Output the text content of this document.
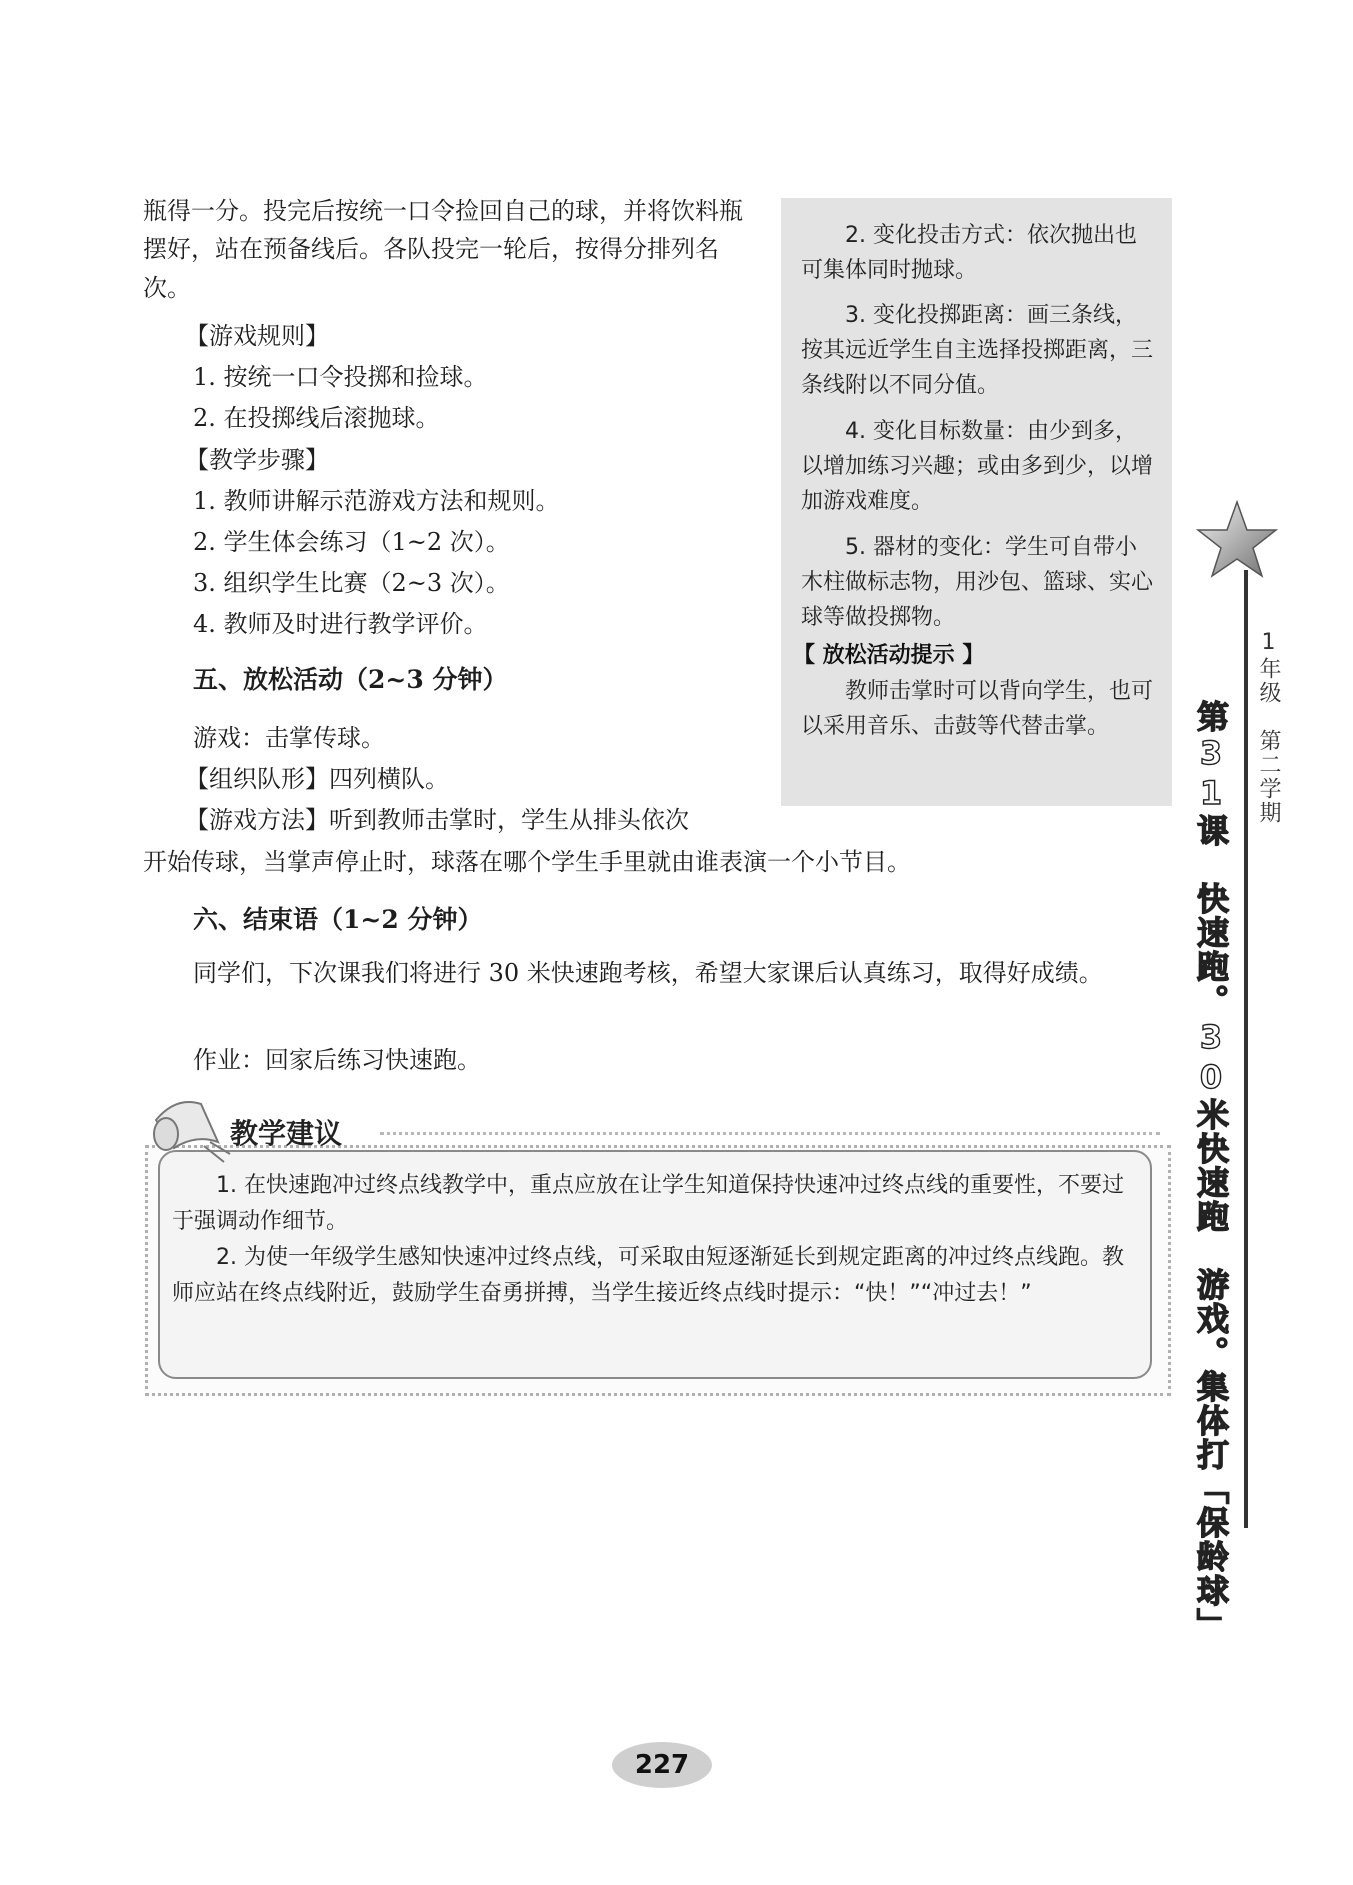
瓶得一分。投完后按统一口令捡回自己的球，并将饮料瓶摆好，站在预备线后。各队投完一轮后，按得分排列名次。

【游戏规则】

1. 按统一口令投掷和捡球。

2. 在投掷线后滚抛球。

【教学步骤】

1. 教师讲解示范游戏方法和规则。

2. 学生体会练习（1~2 次）。

3. 组织学生比赛（2~3 次）。

4. 教师及时进行教学评价。

五、放松活动（2~3 分钟）

游戏：击掌传球。

【组织队形】四列横队。

【游戏方法】听到教师击掌时，学生从排头依次

开始传球，当掌声停止时，球落在哪个学生手里就由谁表演一个小节目。

六、结束语（1~2 分钟）

同学们，下次课我们将进行 30 米快速跑考核，希望大家课后认真练习，取得好成绩。

作业：回家后练习快速跑。

2. 变化投击方式：依次抛出也可集体同时抛球。

3. 变化投掷距离：画三条线，按其远近学生自主选择投掷距离，三条线附以不同分值。

4. 变化目标数量：由少到多，以增加练习兴趣；或由多到少，以增加游戏难度。

5. 器材的变化：学生可自带小木柱做标志物，用沙包、篮球、实心球等做投掷物。

【 放松活动提示 】

教师击掌时可以背向学生，也可以采用音乐、击鼓等代替击掌。	1年级　第二学期

第31课　快速跑。30米快速跑　游戏。集体打「保龄球」

教学建议

1. 在快速跑冲过终点线教学中，重点应放在让学生知道保持快速冲过终点线的重要性，不要过于强调动作细节。

2. 为使一年级学生感知快速冲过终点线，可采取由短逐渐延长到规定距离的冲过终点线跑。教师应站在终点线附近，鼓励学生奋勇拼搏，当学生接近终点线时提示：“快！”“冲过去！”

227
